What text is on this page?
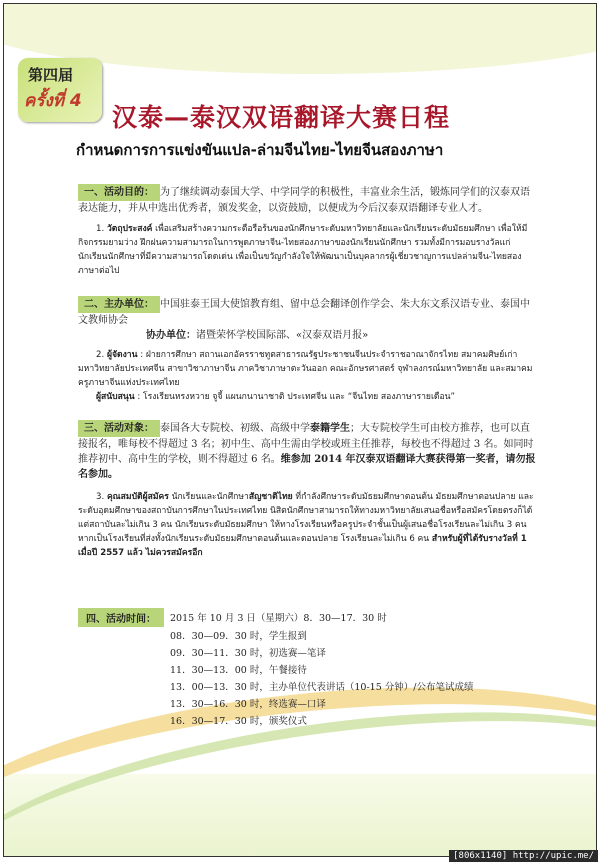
第四届
ครั้งที่ 4
汉泰—泰汉双语翻译大赛日程
กำหนดการการแข่งขันแปล-ล่ามจีนไทย-ไทยจีนสองภาษา
一、活动目的： 为了继续调动泰国大学、中学同学的积极性，丰富业余生活，锻炼同学们的汉泰双语表达能力，并从中选出优秀者，颁发奖金，以资鼓励，以便成为今后汉泰双语翻译专业人才。
1. วัตถุประสงค์ เพื่อเสริมสร้างความกระตือรือร้นของนักศึกษาระดับมหาวิทยาลัยและนักเรียนระดับมัธยมศึกษา เพื่อให้มีกิจกรรมยามว่าง ฝึกฝนความสามารถในการพูดภาษาจีน-ไทยสองภาษาของนักเรียนนักศึกษา รวมทั้งมีการมอบรางวัลแก่นักเรียนนักศึกษาที่มีความสามารถโดดเด่น เพื่อเป็นขวัญกำลังใจให้พัฒนาเป็นบุคลากรผู้เชี่ยวชาญการแปลล่ามจีน-ไทยสองภาษาต่อไป
二、主办单位： 中国驻泰王国大使馆教育组、留中总会翻译创作学会、朱大东文系汉语专业、泰国中文教师协会
协办单位：诸暨荣怀学校国际部、«汉泰双语月报»
2. ผู้จัดงาน : ฝ่ายการศึกษา สถานเอกอัครราชทูตสาธารณรัฐประชาชนจีนประจำราชอาณาจักรไทย สมาคมศิษย์เก่ามหาวิทยาลัยประเทศจีน สาขาวิชาภาษาจีน ภาควิชาภาษาตะวันออก คณะอักษรศาสตร์ จุฬาลงกรณ์มหาวิทยาลัย และสมาคมครูภาษาจีนแห่งประเทศไทย
ผู้สนับสนุน : โรงเรียนหรงหวาย จูจี้ แผนกนานาชาติ ประเทศจีน และ “จีนไทย สองภาษารายเดือน”
三、活动对象： 泰国各大专院校、初级、高级中学泰籍学生；大专院校学生可由校方推荐，也可以直接报名，唯每校不得超过 3 名；初中生、高中生需由学校或班主任推荐，每校也不得超过 3 名。如同时推荐初中、高中生的学校，则不得超过 6 名。维参加 2014 年汉泰双语翻译大赛获得第一奖者，请勿报名参加。
3. คุณสมบัติผู้สมัคร นักเรียนและนักศึกษาสัญชาติไทย ที่กำลังศึกษาระดับมัธยมศึกษาตอนต้น มัธยมศึกษาตอนปลาย และระดับอุดมศึกษาของสถาบันการศึกษาในประเทศไทย นิสิตนักศึกษาสามารถให้ทางมหาวิทยาลัยเสนอชื่อหรือสมัครโดยตรงก็ได้ แต่สถาบันละไม่เกิน 3 คน นักเรียนระดับมัธยมศึกษา ให้ทางโรงเรียนหรือครูประจำชั้นเป็นผู้เสนอชื่อโรงเรียนละไม่เกิน 3 คน หากเป็นโรงเรียนที่ส่งทั้งนักเรียนระดับมัธยมศึกษาตอนต้นและตอนปลาย โรงเรียนละไม่เกิน 6 คน สำหรับผู้ที่ได้รับรางวัลที่ 1 เมื่อปี 2557 แล้ว ไม่ควรสมัครอีก
四、活动时间：	2015 年 10 月 3 日（星期六）8．30—17．30 时
08．30—09．30 时，学生报到
09．30—11．30 时，初选赛—笔译
11．30—13．00 时，午餐接待
13．00—13．30 时，主办单位代表讲话（10-15 分钟）/公布笔试成绩
13．30—16．30 时，终选赛—口译
16．30—17．30 时，颁奖仪式
[806x1140] http://upic.me/
